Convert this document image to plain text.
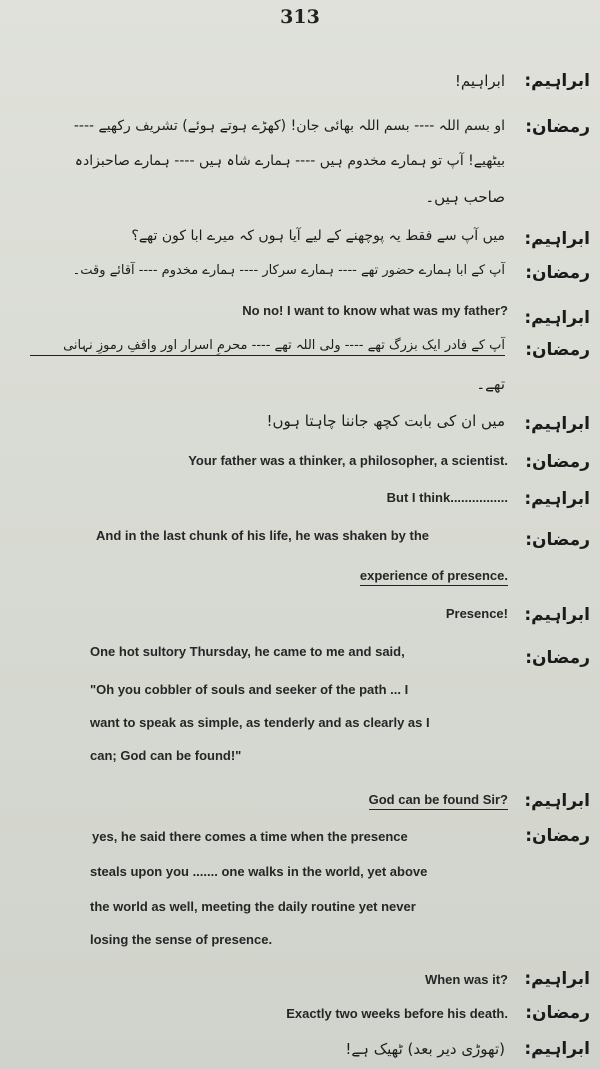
313
ابراہیم:
رمضان:
ابراہیم:
رمضان:
ابراہیم:
رمضان:
ابراہیم:
رمضان:
ابراہیم:
رمضان:
ابراہیم:
رمضان:
ابراہیم:
رمضان:
ابراہیم:
رمضان:
ابراہیم:
ابراہیم!
او بسم اللہ ---- بسم اللہ بھائی جان! (کھڑے ہوتے ہوئے) تشریف رکھیے ----
بیٹھیے! آپ تو ہمارے مخدوم ہیں ---- ہمارے شاہ ہیں ---- ہمارے صاحبزادہ
صاحب ہیں۔
میں آپ سے فقط یہ پوچھنے کے لیے آیا ہوں کہ میرے ابا کون تھے؟
آپ کے ابا ہمارے حضور تھے ---- ہمارے سرکار ---- ہمارے مخدوم ---- آقائے وقت۔
No no! I want to know what was my father?
آپ کے فادر ایک بزرگ تھے ---- ولی اللہ تھے ---- محرمِ اسرار اور واقفِ رموزِ نہانی
تھے۔
میں ان کی بابت کچھ جاننا چاہتا ہوں!
Your father was a thinker, a philosopher, a scientist.
But I think................
And in the last chunk of his life, he was shaken by the
experience of presence.
Presence!
One hot sultory Thursday, he came to me and said,
"Oh you cobbler of souls and seeker of the path ... I
want to speak as simple, as tenderly and as clearly as I
can; God can be found!"
God can be found Sir?
yes, he said there comes a time when the presence
steals upon you ....... one walks in the world, yet above
the world as well, meeting the daily routine yet never
losing the sense of presence.
When was it?
Exactly two weeks before his death.
(تھوڑی دیر بعد) ٹھیک ہے!
